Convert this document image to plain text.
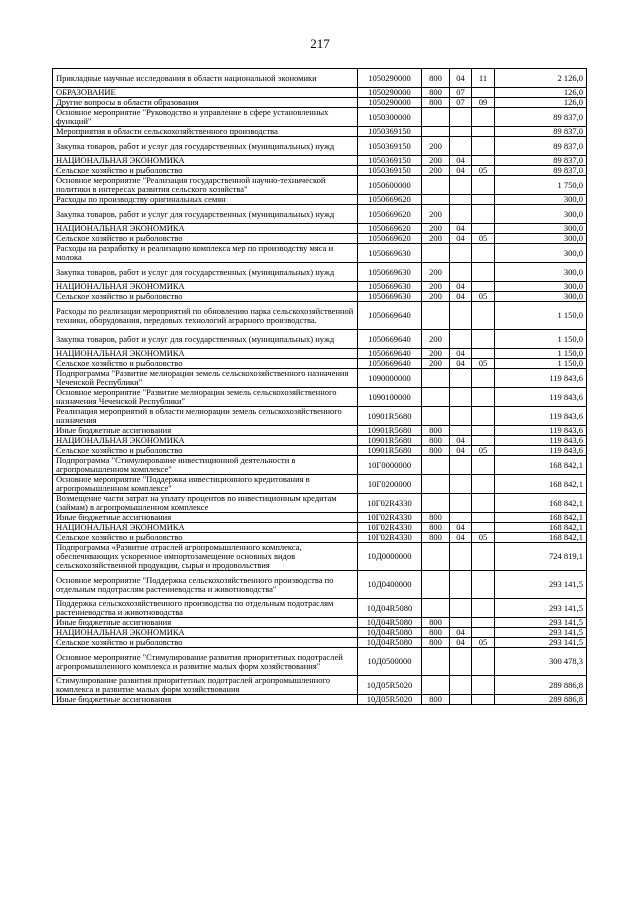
217
Прикладные научные исследования в области национальной экономики	1050290000	800	04	11	2 126,0
ОБРАЗОВАНИЕ	1050290000	800	07		126,0
Другие вопросы в области образования	1050290000	800	07	09	126,0
Основное мероприятие "Руководство и управление в сфере установленных функций"	1050300000				89 837,0
Мероприятия в области сельскохозяйственного производства	1050369150				89 837,0
Закупка товаров, работ и услуг для государственных (муниципальных) нужд	1050369150	200			89 837,0
НАЦИОНАЛЬНАЯ ЭКОНОМИКА	1050369150	200	04		89 837,0
Сельское хозяйство и рыболовство	1050369150	200	04	05	89 837,0
Основное мероприятие "Реализация государственной научно-технической политики в интересах развития сельского хозяйства"	1050600000				1 750,0
Расходы по производству оригинальных семян	1050669620				300,0
Закупка товаров, работ и услуг для государственных (муниципальных) нужд	1050669620	200			300,0
НАЦИОНАЛЬНАЯ ЭКОНОМИКА	1050669620	200	04		300,0
Сельское хозяйство и рыболовство	1050669620	200	04	05	300,0
Расходы на разработку и реализацию комплекса мер по производству мяса и молока	1050669630				300,0
Закупка товаров, работ и услуг для государственных (муниципальных) нужд	1050669630	200			300,0
НАЦИОНАЛЬНАЯ ЭКОНОМИКА	1050669630	200	04		300,0
Сельское хозяйство и рыболовство	1050669630	200	04	05	300,0
Расходы по реализации мероприятий по обновлению парка сельскохозяйственной техники, оборудования, передовых технологий аграрного производства.	1050669640				1 150,0
Закупка товаров, работ и услуг для государственных (муниципальных) нужд	1050669640	200			1 150,0
НАЦИОНАЛЬНАЯ ЭКОНОМИКА	1050669640	200	04		1 150,0
Сельское хозяйство и рыболовство	1050669640	200	04	05	1 150,0
Подпрограмма "Развитие мелиорации земель сельскохозяйственного назначения Чеченской Республики"	1090000000				119 843,6
Основное мероприятие "Развитие мелиорации земель сельскохозяйственного назначения Чеченской Республики"	1090100000				119 843,6
Реализация мероприятий в области мелиорации земель сельскохозяйственного назначения	10901R5680				119 843,6
Иные бюджетные ассигнования	10901R5680	800			119 843,6
НАЦИОНАЛЬНАЯ ЭКОНОМИКА	10901R5680	800	04		119 843,6
Сельское хозяйство и рыболовство	10901R5680	800	04	05	119 843,6
Подпрограмма "Стимулирование инвестиционной деятельности в агропромышленном комплексе"	10Г0000000				168 842,1
Основное мероприятие "Поддержка инвестиционного кредитования в агропромышленном комплексе"	10Г0200000				168 842,1
Возмещение части затрат на уплату процентов по инвестиционным кредитам (займам) в агропромышленном комплексе	10Г02R4330				168 842,1
Иные бюджетные ассигнования	10Г02R4330	800			168 842,1
НАЦИОНАЛЬНАЯ ЭКОНОМИКА	10Г02R4330	800	04		168 842,1
Сельское хозяйство и рыболовство	10Г02R4330	800	04	05	168 842,1
Подпрограмма «Развитие отраслей агропромышленного комплекса, обеспечивающих ускоренное импортозамещение основных видов сельскохозяйственной продукции, сырья и продовольствия	10Д0000000				724 819,1
Основное мероприятие "Поддержка сельскохозяйственного производства по отдельным подотраслям растениеводства и животноводства"	10Д0400000				293 141,5
Поддержка сельскохозяйственного производства по отдельным подотраслям растениеводства и животноводства	10Д04R5080				293 141,5
Иные бюджетные ассигнования	10Д04R5080	800			293 141,5
НАЦИОНАЛЬНАЯ ЭКОНОМИКА	10Д04R5080	800	04		293 141,5
Сельское хозяйство и рыболовство	10Д04R5080	800	04	05	293 141,5
Основное мероприятие "Стимулирование развития приоритетных подотраслей агропромышленного комплекса и развитие малых форм хозяйствования"	10Д0500000				300 478,3
Стимулирование развития приоритетных подотраслей агропромышленного комплекса и развитие малых форм хозяйствования	10Д05R5020				289 886,8
Иные бюджетные ассигнования	10Д05R5020	800			289 886,8
